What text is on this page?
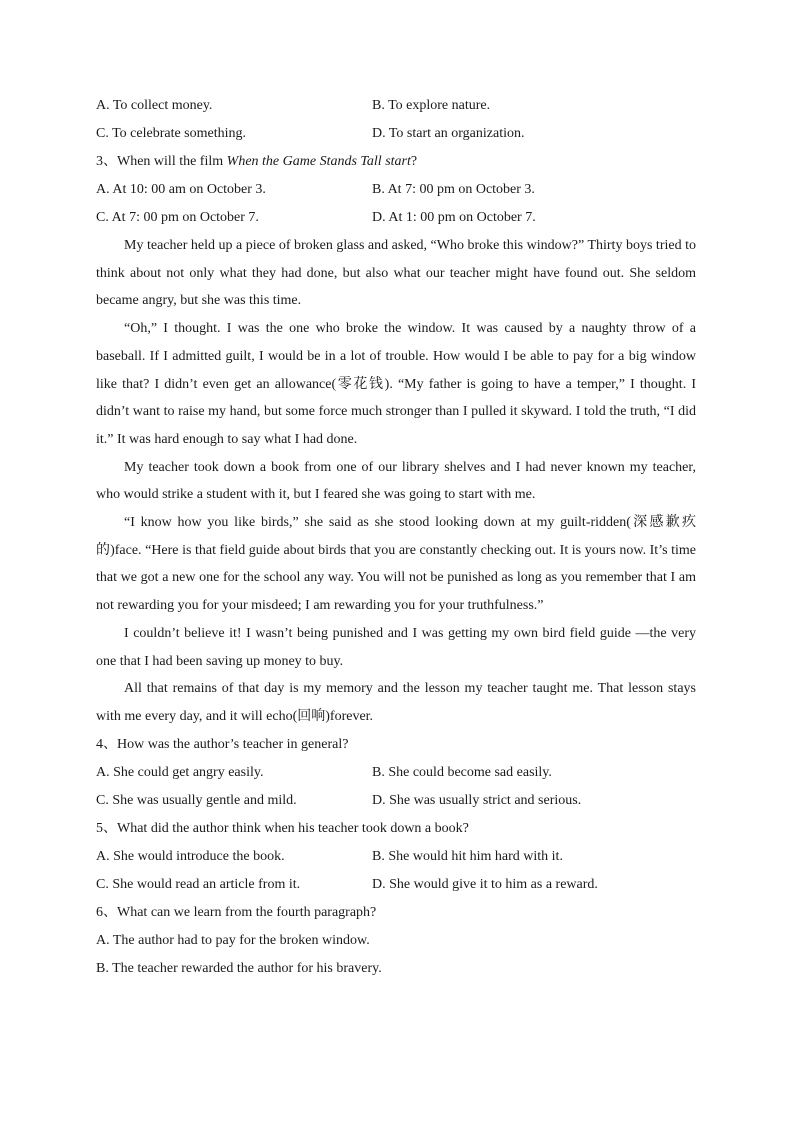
A. To collect money.	B. To explore nature.
C. To celebrate something.	D. To start an organization.
3、When will the film When the Game Stands Tall start?
A. At 10: 00 am on October 3.	B. At 7: 00 pm on October 3.
C. At 7: 00 pm on October 7.	D. At 1: 00 pm on October 7.

My teacher held up a piece of broken glass and asked, “Who broke this window?” Thirty boys tried to think about not only what they had done, but also what our teacher might have found out. She seldom became angry, but she was this time.

“Oh,” I thought. I was the one who broke the window. It was caused by a naughty throw of a baseball. If I admitted guilt, I would be in a lot of trouble. How would I be able to pay for a big window like that? I didn’t even get an allowance(零花钱). “My father is going to have a temper,” I thought. I didn’t want to raise my hand, but some force much stronger than I pulled it skyward. I told the truth, “I did it.” It was hard enough to say what I had done.

My teacher took down a book from one of our library shelves and I had never known my teacher, who would strike a student with it, but I feared she was going to start with me.

“I know how you like birds,” she said as she stood looking down at my guilt-ridden(深感歉疚的)face. “Here is that field guide about birds that you are constantly checking out. It is yours now. It’s time that we got a new one for the school any way. You will not be punished as long as you remember that I am not rewarding you for your misdeed; I am rewarding you for your truthfulness.”

I couldn’t believe it! I wasn’t being punished and I was getting my own bird field guide —the very one that I had been saving up money to buy.

All that remains of that day is my memory and the lesson my teacher taught me. That lesson stays with me every day, and it will echo(回响)forever.

4、How was the author’s teacher in general?
A. She could get angry easily.	B. She could become sad easily.
C. She was usually gentle and mild.	D. She was usually strict and serious.
5、What did the author think when his teacher took down a book?
A. She would introduce the book.	B. She would hit him hard with it.
C. She would read an article from it.	D. She would give it to him as a reward.
6、What can we learn from the fourth paragraph?
A. The author had to pay for the broken window.
B. The teacher rewarded the author for his bravery.
